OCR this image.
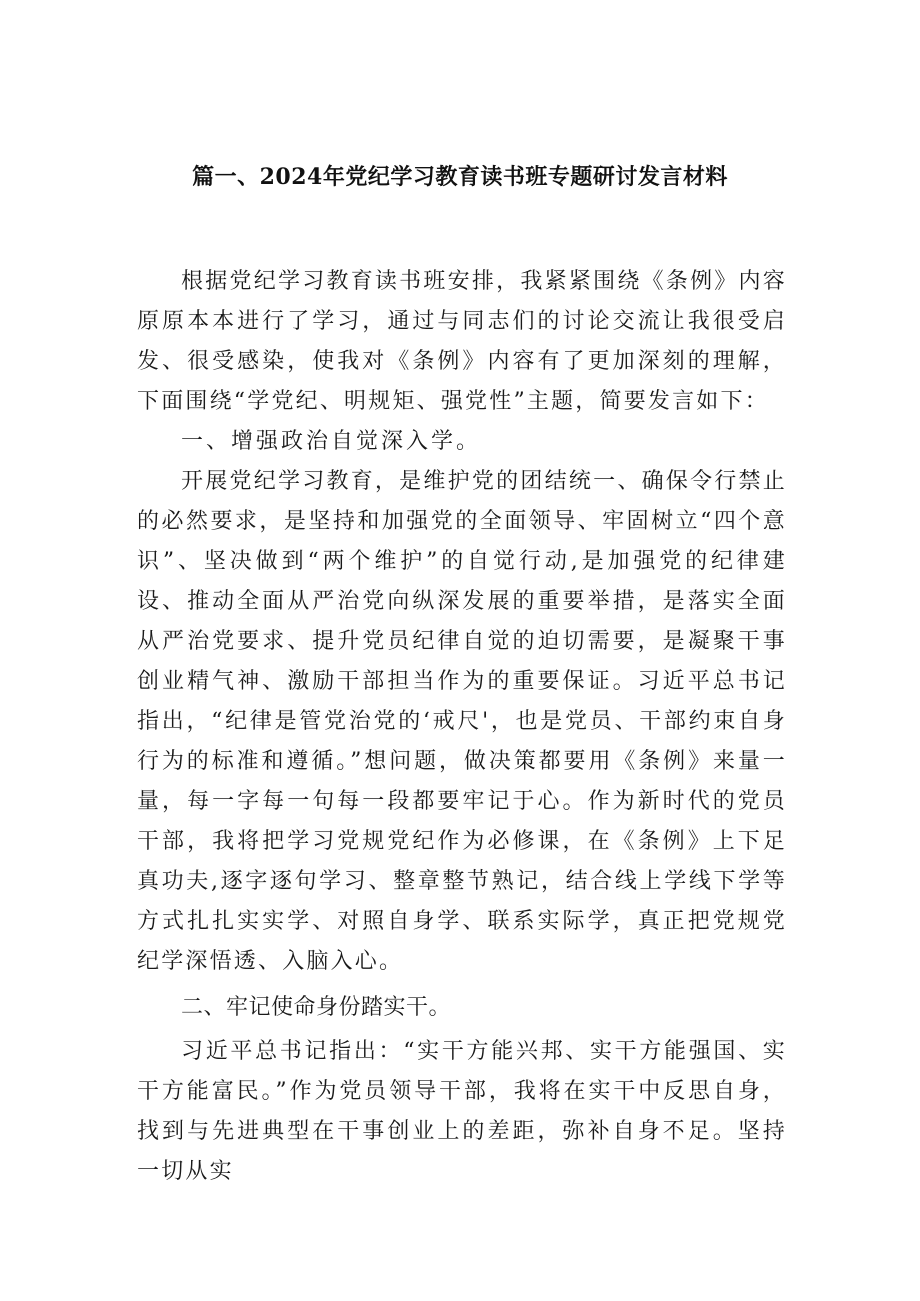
篇一、2024年党纪学习教育读书班专题研讨发言材料

根据党纪学习教育读书班安排，我紧紧围绕《条例》内容原原本本进行了学习，通过与同志们的讨论交流让我很受启发、很受感染，使我对《条例》内容有了更加深刻的理解，下面围绕“学党纪、明规矩、强党性”主题，简要发言如下：

一、增强政治自觉深入学。

开展党纪学习教育，是维护党的团结统一、确保令行禁止的必然要求，是坚持和加强党的全面领导、牢固树立“四个意识”、坚决做到“两个维护”的自觉行动,是加强党的纪律建设、推动全面从严治党向纵深发展的重要举措，是落实全面从严治党要求、提升党员纪律自觉的迫切需要，是凝聚干事创业精气神、激励干部担当作为的重要保证。习近平总书记指出，“纪律是管党治党的‘戒尺'，也是党员、干部约束自身行为的标准和遵循。”想问题，做决策都要用《条例》来量一量，每一字每一句每一段都要牢记于心。作为新时代的党员干部，我将把学习党规党纪作为必修课，在《条例》上下足真功夫,逐字逐句学习、整章整节熟记，结合线上学线下学等方式扎扎实实学、对照自身学、联系实际学，真正把党规党纪学深悟透、入脑入心。

二、牢记使命身份踏实干。

习近平总书记指出：“实干方能兴邦、实干方能强国、实干方能富民。”作为党员领导干部，我将在实干中反思自身，找到与先进典型在干事创业上的差距，弥补自身不足。坚持一切从实
